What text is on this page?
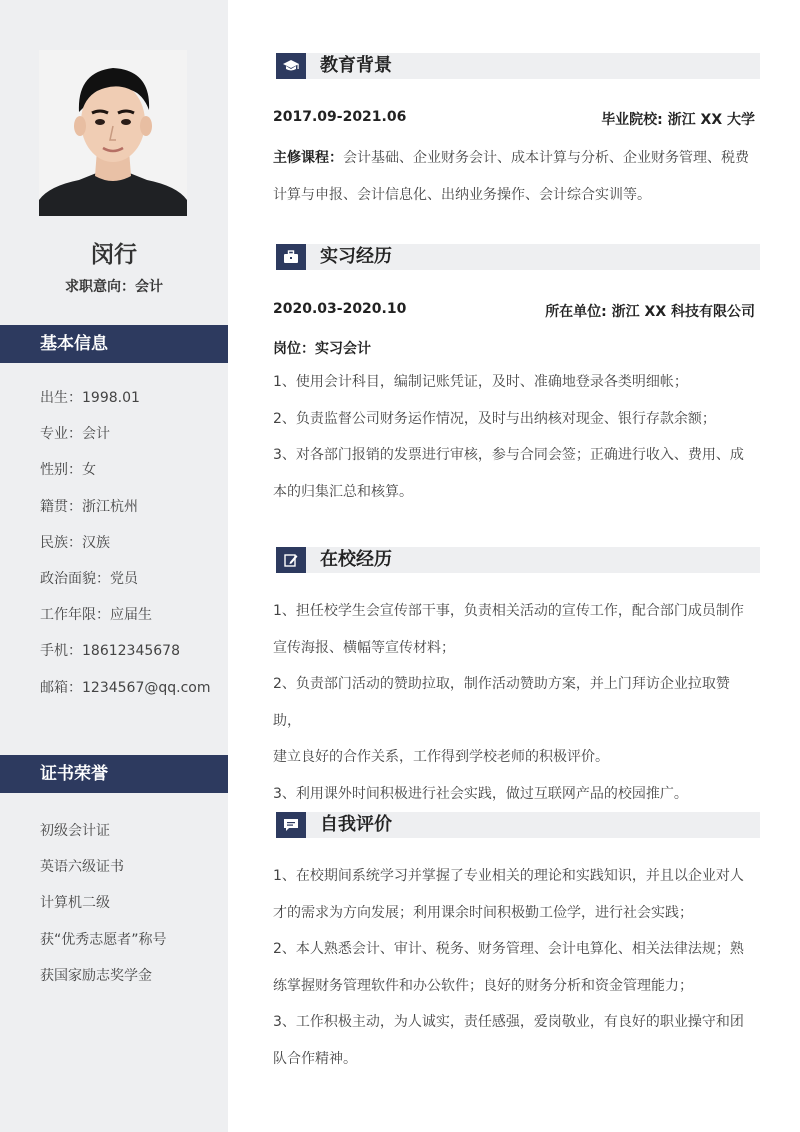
闵行
求职意向：会计
基本信息
出生：1998.01
专业：会计
性别：女
籍贯：浙江杭州
民族：汉族
政治面貌：党员
工作年限：应届生
手机：18612345678
邮箱：1234567@qq.com
证书荣誉
初级会计证
英语六级证书
计算机二级
获“优秀志愿者”称号
获国家励志奖学金
教育背景
2017.09-2021.06	毕业院校: 浙江 XX 大学
主修课程：会计基础、企业财务会计、成本计算与分析、企业财务管理、税费
计算与申报、会计信息化、出纳业务操作、会计综合实训等。
实习经历
2020.03-2020.10	所在单位: 浙江 XX 科技有限公司
岗位：实习会计
1、使用会计科目，编制记账凭证，及时、准确地登录各类明细帐；
2、负责监督公司财务运作情况，及时与出纳核对现金、银行存款余额；
3、对各部门报销的发票进行审核，参与合同会签；正确进行收入、费用、成
本的归集汇总和核算。
在校经历
1、担任校学生会宣传部干事，负责相关活动的宣传工作，配合部门成员制作
宣传海报、横幅等宣传材料；
2、负责部门活动的赞助拉取，制作活动赞助方案，并上门拜访企业拉取赞助，
建立良好的合作关系，工作得到学校老师的积极评价。
3、利用课外时间积极进行社会实践，做过互联网产品的校园推广。
自我评价
1、在校期间系统学习并掌握了专业相关的理论和实践知识，并且以企业对人
才的需求为方向发展；利用课余时间积极勤工俭学，进行社会实践；
2、本人熟悉会计、审计、税务、财务管理、会计电算化、相关法律法规；熟
练掌握财务管理软件和办公软件；良好的财务分析和资金管理能力；
3、工作积极主动，为人诚实，责任感强，爱岗敬业，有良好的职业操守和团
队合作精神。
